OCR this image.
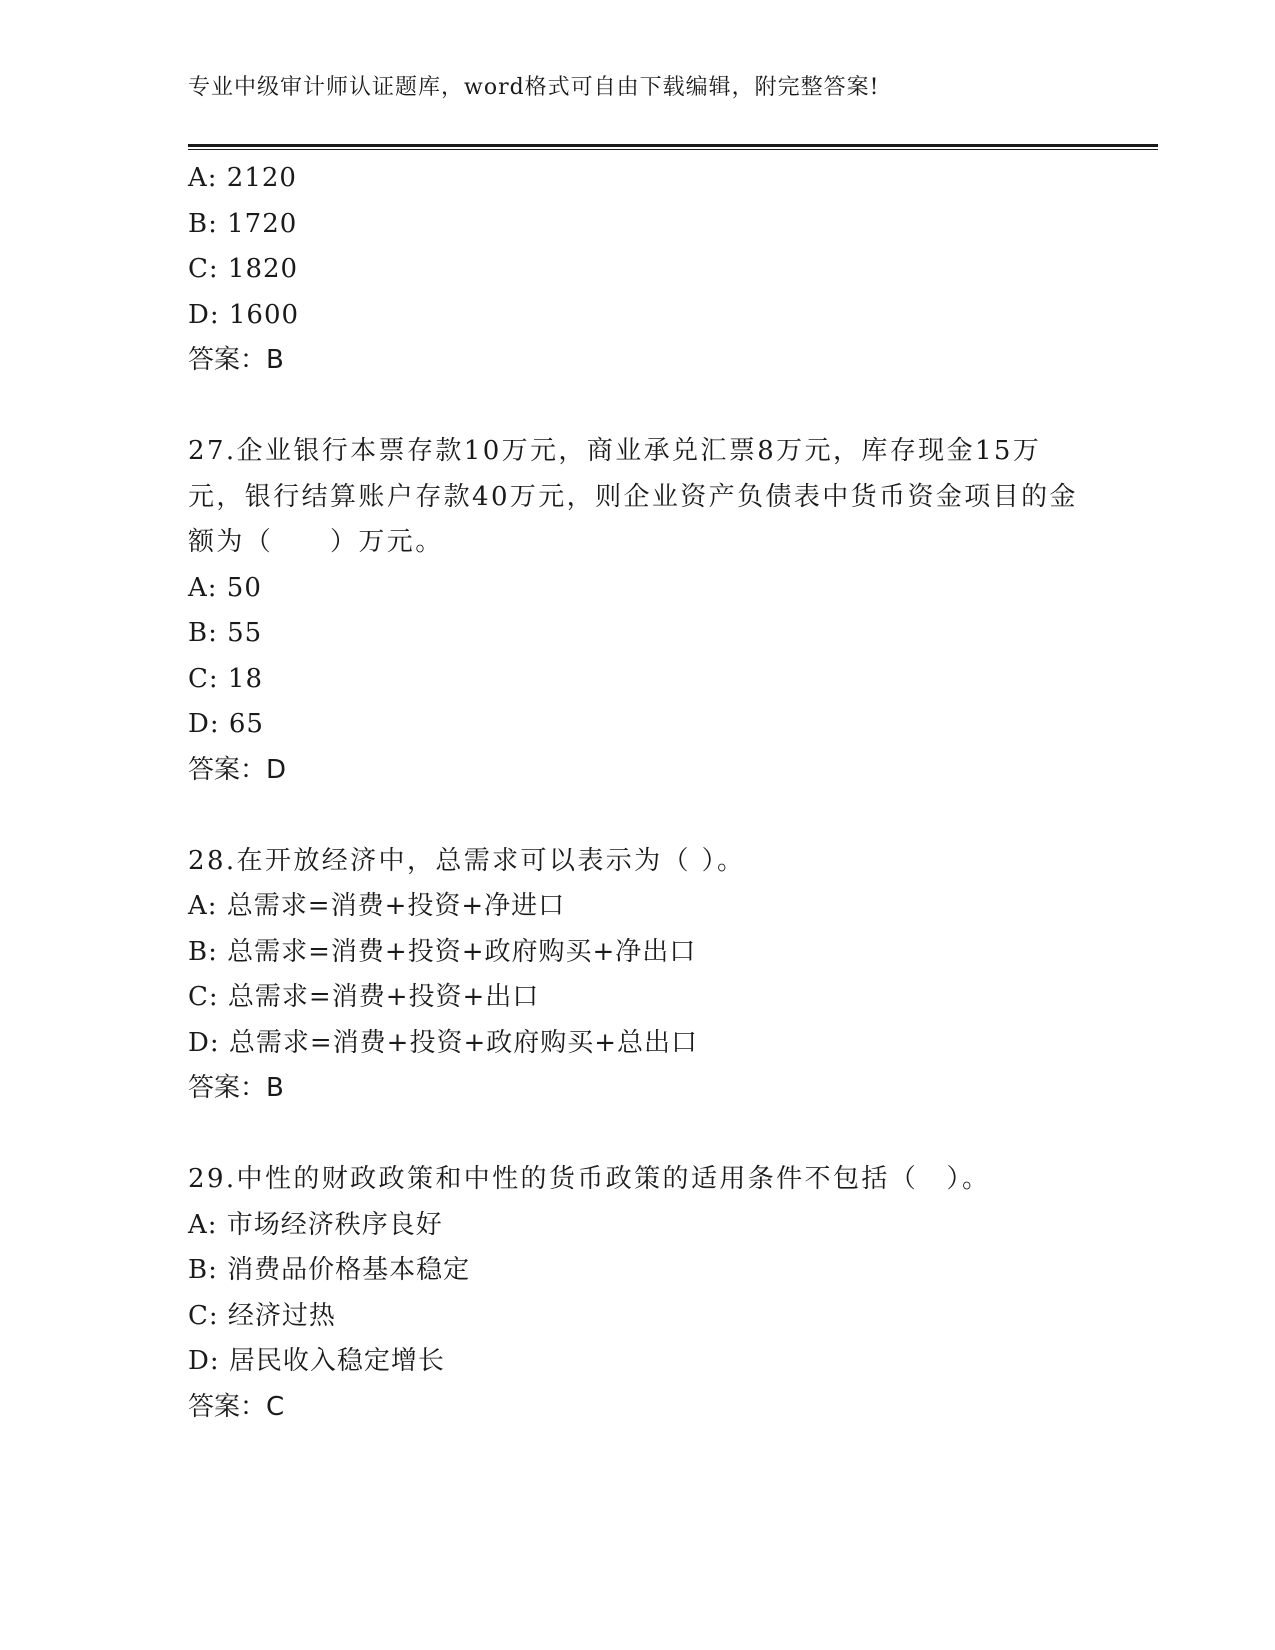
专业中级审计师认证题库，word格式可自由下载编辑，附完整答案!
A: 2120
B: 1720
C: 1820
D: 1600
答案：B
27.企业银行本票存款10万元，商业承兑汇票8万元，库存现金15万元，银行结算账户存款40万元，则企业资产负债表中货币资金项目的金额为（　　）万元。
A: 50
B: 55
C: 18
D: 65
答案：D
28.在开放经济中，总需求可以表示为（ ）。
A: 总需求=消费+投资+净进口
B: 总需求=消费+投资+政府购买+净出口
C: 总需求=消费+投资+出口
D: 总需求=消费+投资+政府购买+总出口
答案：B
29.中性的财政政策和中性的货币政策的适用条件不包括（　）。
A: 市场经济秩序良好
B: 消费品价格基本稳定
C: 经济过热
D: 居民收入稳定增长
答案：C
